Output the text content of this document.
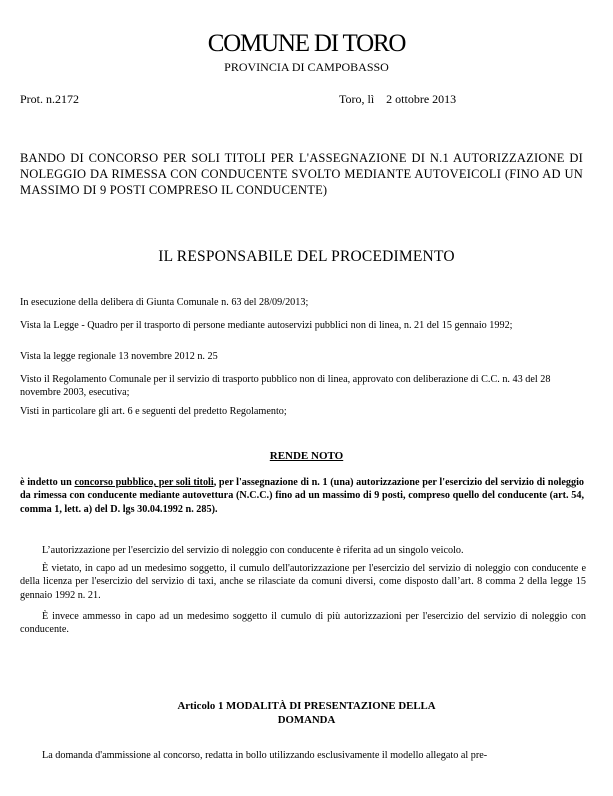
COMUNE DI TORO
PROVINCIA DI CAMPOBASSO
Prot. n.2172	Toro, lì    2 ottobre 2013
BANDO DI CONCORSO PER SOLI TITOLI PER L'ASSEGNAZIONE DI N.1 AUTORIZZAZIONE DI NOLEGGIO DA RIMESSA CON CONDUCENTE SVOLTO MEDIANTE AUTOVEICOLI (FINO AD UN MASSIMO DI 9 POSTI COMPRESO IL CONDUCENTE)
IL RESPONSABILE DEL PROCEDIMENTO
In esecuzione della delibera di Giunta Comunale n. 63 del 28/09/2013;
Vista la Legge - Quadro per il trasporto di persone mediante autoservizi pubblici non di linea, n. 21 del 15 gennaio 1992;
Vista la legge regionale 13 novembre 2012 n. 25
Visto il Regolamento Comunale per il servizio di trasporto pubblico non di linea, approvato con deliberazione di C.C. n. 43 del 28 novembre 2003, esecutiva;
Visti in particolare gli art. 6 e seguenti del predetto Regolamento;
RENDE NOTO
è indetto un concorso pubblico, per soli titoli, per l'assegnazione di n. 1 (una) autorizzazione per l'esercizio del servizio di noleggio da rimessa con conducente mediante autovettura (N.C.C.) fino ad un massimo di 9 posti, compreso quello del conducente (art. 54, comma 1, lett. a) del D. lgs 30.04.1992 n. 285).
L’autorizzazione per l'esercizio del servizio di noleggio con conducente è riferita ad un singolo veicolo.
È vietato, in capo ad un medesimo soggetto, il cumulo dell'autorizzazione per l'esercizio del servizio di noleggio con conducente e della licenza per l'esercizio del servizio di taxi, anche se rilasciate da comuni diversi, come disposto dall’art. 8 comma 2 della legge 15 gennaio 1992 n. 21.
È invece ammesso in capo ad un medesimo soggetto il cumulo di più autorizzazioni per l'esercizio del servizio di noleggio con conducente.
Articolo 1 MODALITÀ DI PRESENTAZIONE DELLA
DOMANDA
La domanda d'ammissione al concorso, redatta in bollo utilizzando esclusivamente il modello allegato al pre-
